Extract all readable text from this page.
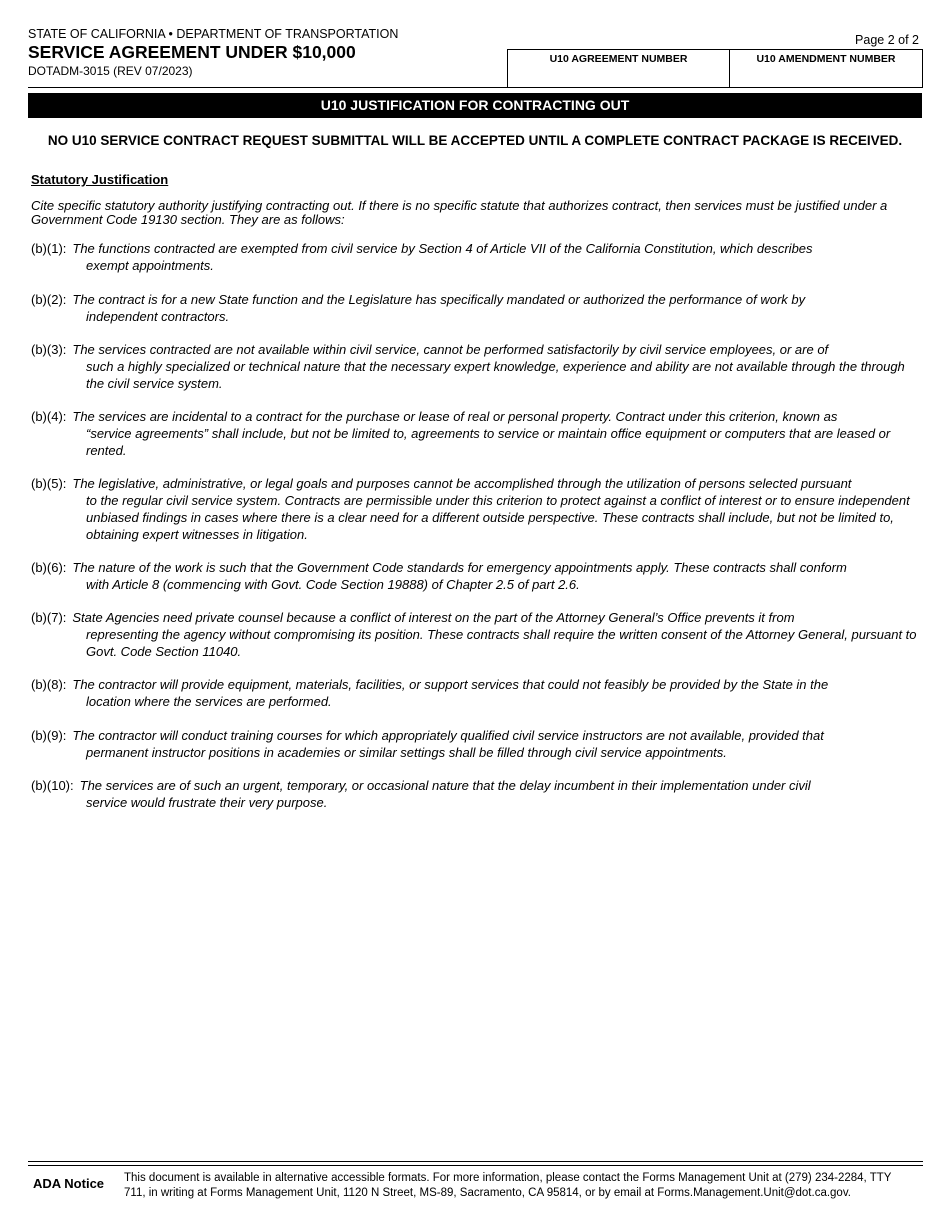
STATE OF CALIFORNIA • DEPARTMENT OF TRANSPORTATION
SERVICE AGREEMENT UNDER $10,000
DOTADM-3015 (REV 07/2023)
Page 2 of 2
U10 AGREEMENT NUMBER	U10 AMENDMENT NUMBER
U10 JUSTIFICATION FOR CONTRACTING OUT
NO U10 SERVICE CONTRACT REQUEST SUBMITTAL WILL BE ACCEPTED UNTIL A COMPLETE CONTRACT PACKAGE IS RECEIVED.
Statutory Justification
Cite specific statutory authority justifying contracting out. If there is no specific statute that authorizes contract, then services must be justified under a Government Code 19130 section. They are as follows:
(b)(1): The functions contracted are exempted from civil service by Section 4 of Article VII of the California Constitution, which describes
exempt appointments.
(b)(2): The contract is for a new State function and the Legislature has specifically mandated or authorized the performance of work by
independent contractors.
(b)(3): The services contracted are not available within civil service, cannot be performed satisfactorily by civil service employees, or are of
such a highly specialized or technical nature that the necessary expert knowledge, experience and ability are not available through the through the civil service system.
(b)(4): The services are incidental to a contract for the purchase or lease of real or personal property. Contract under this criterion, known as
“service agreements” shall include, but not be limited to, agreements to service or maintain office equipment or computers that are leased or rented.
(b)(5): The legislative, administrative, or legal goals and purposes cannot be accomplished through the utilization of persons selected pursuant
to the regular civil service system. Contracts are permissible under this criterion to protect against a conflict of interest or to ensure independent unbiased findings in cases where there is a clear need for a different outside perspective. These contracts shall include, but not be limited to, obtaining expert witnesses in litigation.
(b)(6): The nature of the work is such that the Government Code standards for emergency appointments apply. These contracts shall conform
with Article 8 (commencing with Govt. Code Section 19888) of Chapter 2.5 of part 2.6.
(b)(7): State Agencies need private counsel because a conflict of interest on the part of the Attorney General’s Office prevents it from
representing the agency without compromising its position. These contracts shall require the written consent of the Attorney General, pursuant to Govt. Code Section 11040.
(b)(8): The contractor will provide equipment, materials, facilities, or support services that could not feasibly be provided by the State in the
location where the services are performed.
(b)(9): The contractor will conduct training courses for which appropriately qualified civil service instructors are not available, provided that
permanent instructor positions in academies or similar settings shall be filled through civil service appointments.
(b)(10): The services are of such an urgent, temporary, or occasional nature that the delay incumbent in their implementation under civil
service would frustrate their very purpose.
ADA Notice This document is available in alternative accessible formats. For more information, please contact the Forms Management Unit at (279) 234-2284, TTY 711, in writing at Forms Management Unit, 1120 N Street, MS-89, Sacramento, CA 95814, or by email at Forms.Management.Unit@dot.ca.gov.
